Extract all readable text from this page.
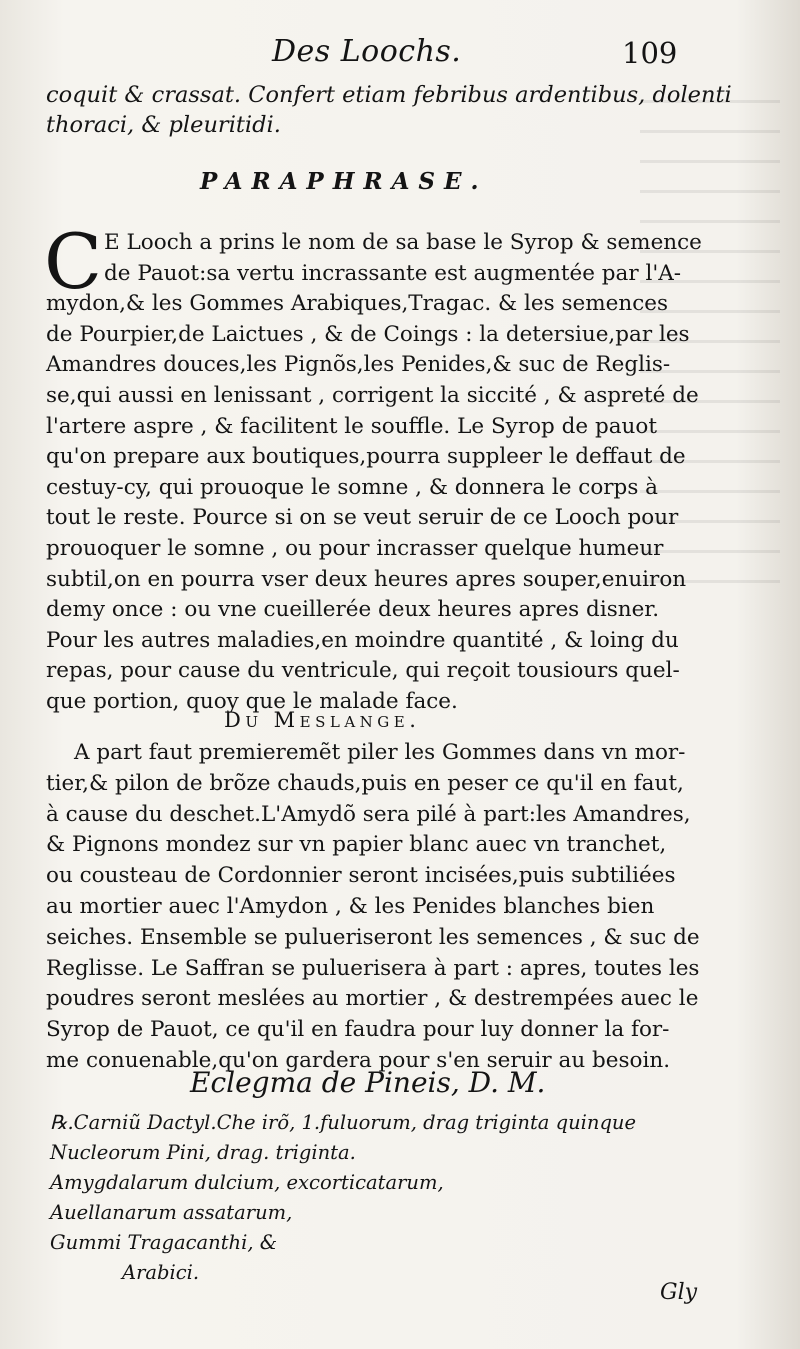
Des Loochs.	109
coquit & crassat. Confert etiam febribus ardentibus, dolenti
thoraci, & pleuritidi.
PARAPHRASE.
C E Looch a prins le nom de sa base le Syrop & semence
de Pauot:sa vertu incrassante est augmentée par l'A-
mydon,& les Gommes Arabiques,Tragac. & les semences
de Pourpier,de Laictues , & de Coings : la detersiue,par les
Amandres douces,les Pignõs,les Penides,& suc de Reglis-
se,qui aussi en lenissant , corrigent la siccité , & aspreté de
l'artere aspre , & facilitent le souffle. Le Syrop de pauot
qu'on prepare aux boutiques,pourra suppleer le deffaut de
cestuy-cy, qui prouoque le somne , & donnera le corps à
tout le reste. Pource si on se veut seruir de ce Looch pour
prouoquer le somne , ou pour incrasser quelque humeur
subtil,on en pourra vser deux heures apres souper,enuiron
demy once : ou vne cueillerée deux heures apres disner.
Pour les autres maladies,en moindre quantité , & loing du
repas, pour cause du ventricule, qui reçoit tousiours quel-
que portion, quoy que le malade face.
Du Meslange.
A part faut premieremẽt piler les Gommes dans vn mor-
tier,& pilon de brõze chauds,puis en peser ce qu'il en faut,
à cause du deschet.L'Amydõ sera pilé à part:les Amandres,
& Pignons mondez sur vn papier blanc auec vn tranchet,
ou cousteau de Cordonnier seront incisées,puis subtiliées
au mortier auec l'Amydon , & les Penides blanches bien
seiches. Ensemble se pulueriseront les semences , & suc de
Reglisse. Le Saffran se puluerisera à part : apres, toutes les
poudres seront meslées au mortier , & destrempées auec le
Syrop de Pauot, ce qu'il en faudra pour luy donner la for-
me conuenable,qu'on gardera pour s'en seruir au besoin.
Eclegma de Pineis, D. M.
℞.Carniũ Dactyl.Che irõ, 1.fuluorum, drag triginta quinque
Nucleorum Pini, drag. triginta.
Amygdalarum dulcium, excorticatarum,
Auellanarum assatarum,
Gummi Tragacanthi, &
Arabici.
Gly
